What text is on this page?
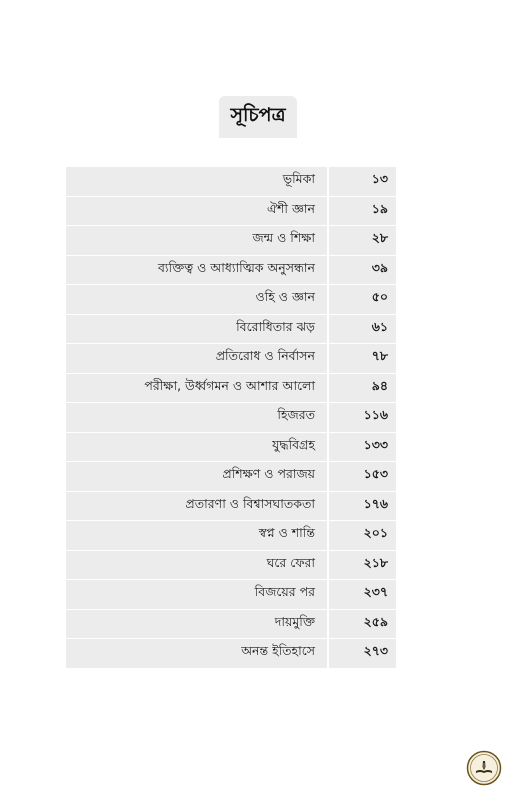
সূচিপত্র
ভূমিকা	১৩
ঐশী জ্ঞান	১৯
জন্ম ও শিক্ষা	২৮
ব্যক্তিত্ব ও আধ্যাত্মিক অনুসন্ধান	৩৯
ওহি ও জ্ঞান	৫০
বিরোধিতার ঝড়	৬১
প্রতিরোধ ও নির্বাসন	৭৮
পরীক্ষা, উর্ধ্বগমন ও আশার আলো	৯৪
হিজরত	১১৬
যুদ্ধবিগ্রহ	১৩৩
প্রশিক্ষণ ও পরাজয়	১৫৩
প্রতারণা ও বিশ্বাসঘাতকতা	১৭৬
স্বপ্ন ও শান্তি	২০১
ঘরে ফেরা	২১৮
বিজয়ের পর	২৩৭
দায়মুক্তি	২৫৯
অনন্ত ইতিহাসে	২৭৩
